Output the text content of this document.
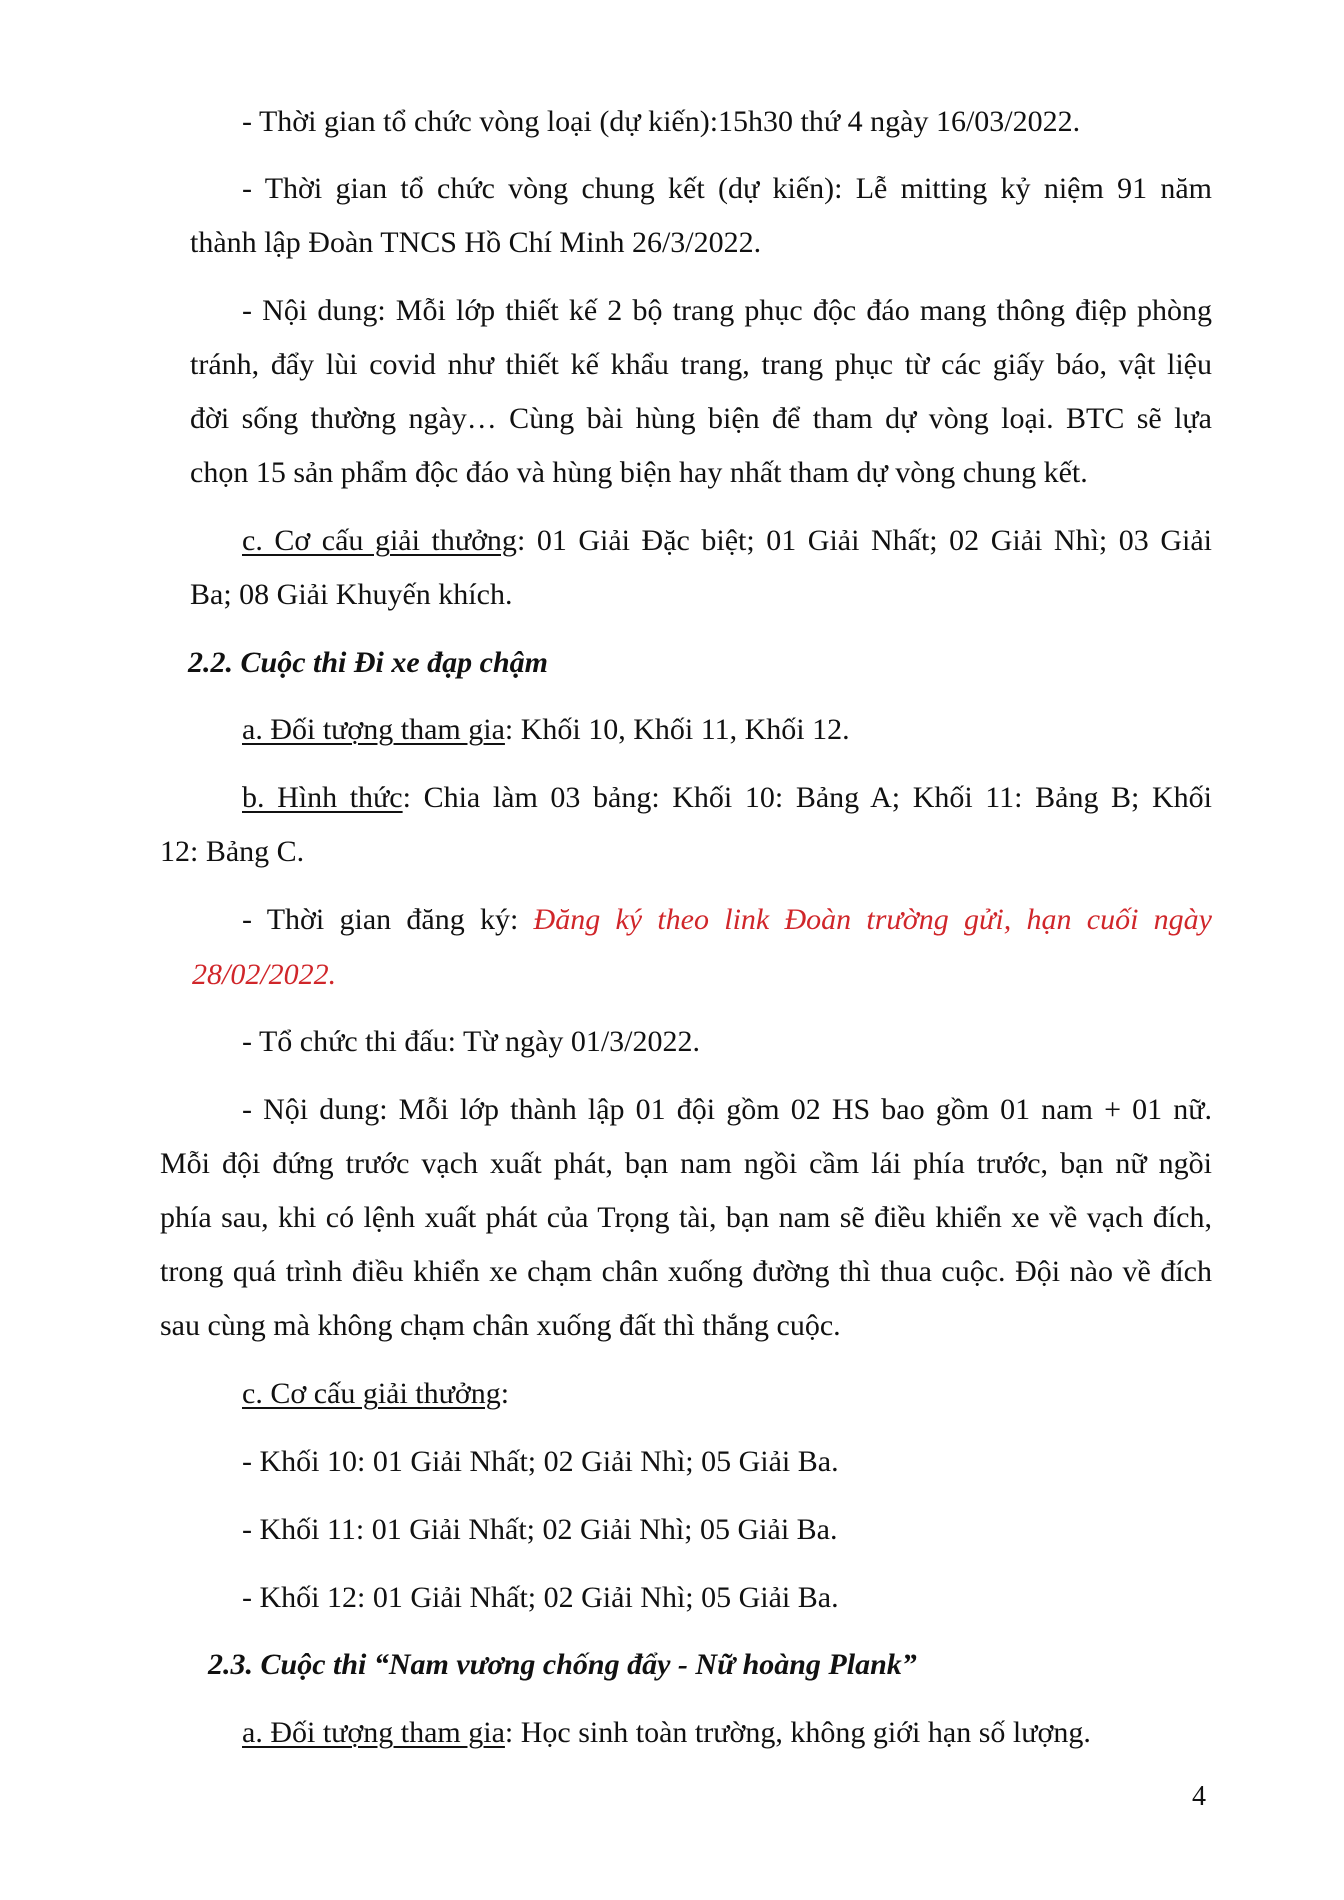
- Thời gian tổ chức vòng loại (dự kiến):15h30 thứ 4 ngày 16/03/2022.
- Thời gian tổ chức vòng chung kết (dự kiến): Lễ mitting kỷ niệm 91 năm
thành lập Đoàn TNCS Hồ Chí Minh 26/3/2022.
- Nội dung: Mỗi lớp thiết kế 2 bộ trang phục độc đáo mang thông điệp phòng
tránh, đẩy lùi covid như thiết kế khẩu trang, trang phục từ các giấy báo, vật liệu
đời sống thường ngày… Cùng bài hùng biện để tham dự vòng loại. BTC sẽ lựa
chọn 15 sản phẩm độc đáo và hùng biện hay nhất tham dự vòng chung kết.
c. Cơ cấu giải thưởng: 01 Giải Đặc biệt; 01 Giải Nhất; 02 Giải Nhì; 03 Giải
Ba; 08 Giải Khuyến khích.
2.2. Cuộc thi Đi xe đạp chậm
a. Đối tượng tham gia: Khối 10, Khối 11, Khối 12.
b. Hình thức: Chia làm 03 bảng: Khối 10: Bảng A; Khối 11: Bảng B; Khối
12: Bảng C.
- Thời gian đăng ký: Đăng ký theo link Đoàn trường gửi, hạn cuối ngày
28/02/2022.
- Tổ chức thi đấu: Từ ngày 01/3/2022.
- Nội dung: Mỗi lớp thành lập 01 đội gồm 02 HS bao gồm 01 nam + 01 nữ.
Mỗi đội đứng trước vạch xuất phát, bạn nam ngồi cầm lái phía trước, bạn nữ ngồi
phía sau, khi có lệnh xuất phát của Trọng tài, bạn nam sẽ điều khiển xe về vạch đích,
trong quá trình điều khiển xe chạm chân xuống đường thì thua cuộc. Đội nào về đích
sau cùng mà không chạm chân xuống đất thì thắng cuộc.
c. Cơ cấu giải thưởng:
- Khối 10: 01 Giải Nhất; 02 Giải Nhì; 05 Giải Ba.
- Khối 11: 01 Giải Nhất; 02 Giải Nhì; 05 Giải Ba.
- Khối 12: 01 Giải Nhất; 02 Giải Nhì; 05 Giải Ba.
2.3. Cuộc thi “Nam vương chống đẩy - Nữ hoàng Plank”
a. Đối tượng tham gia: Học sinh toàn trường, không giới hạn số lượng.
4
